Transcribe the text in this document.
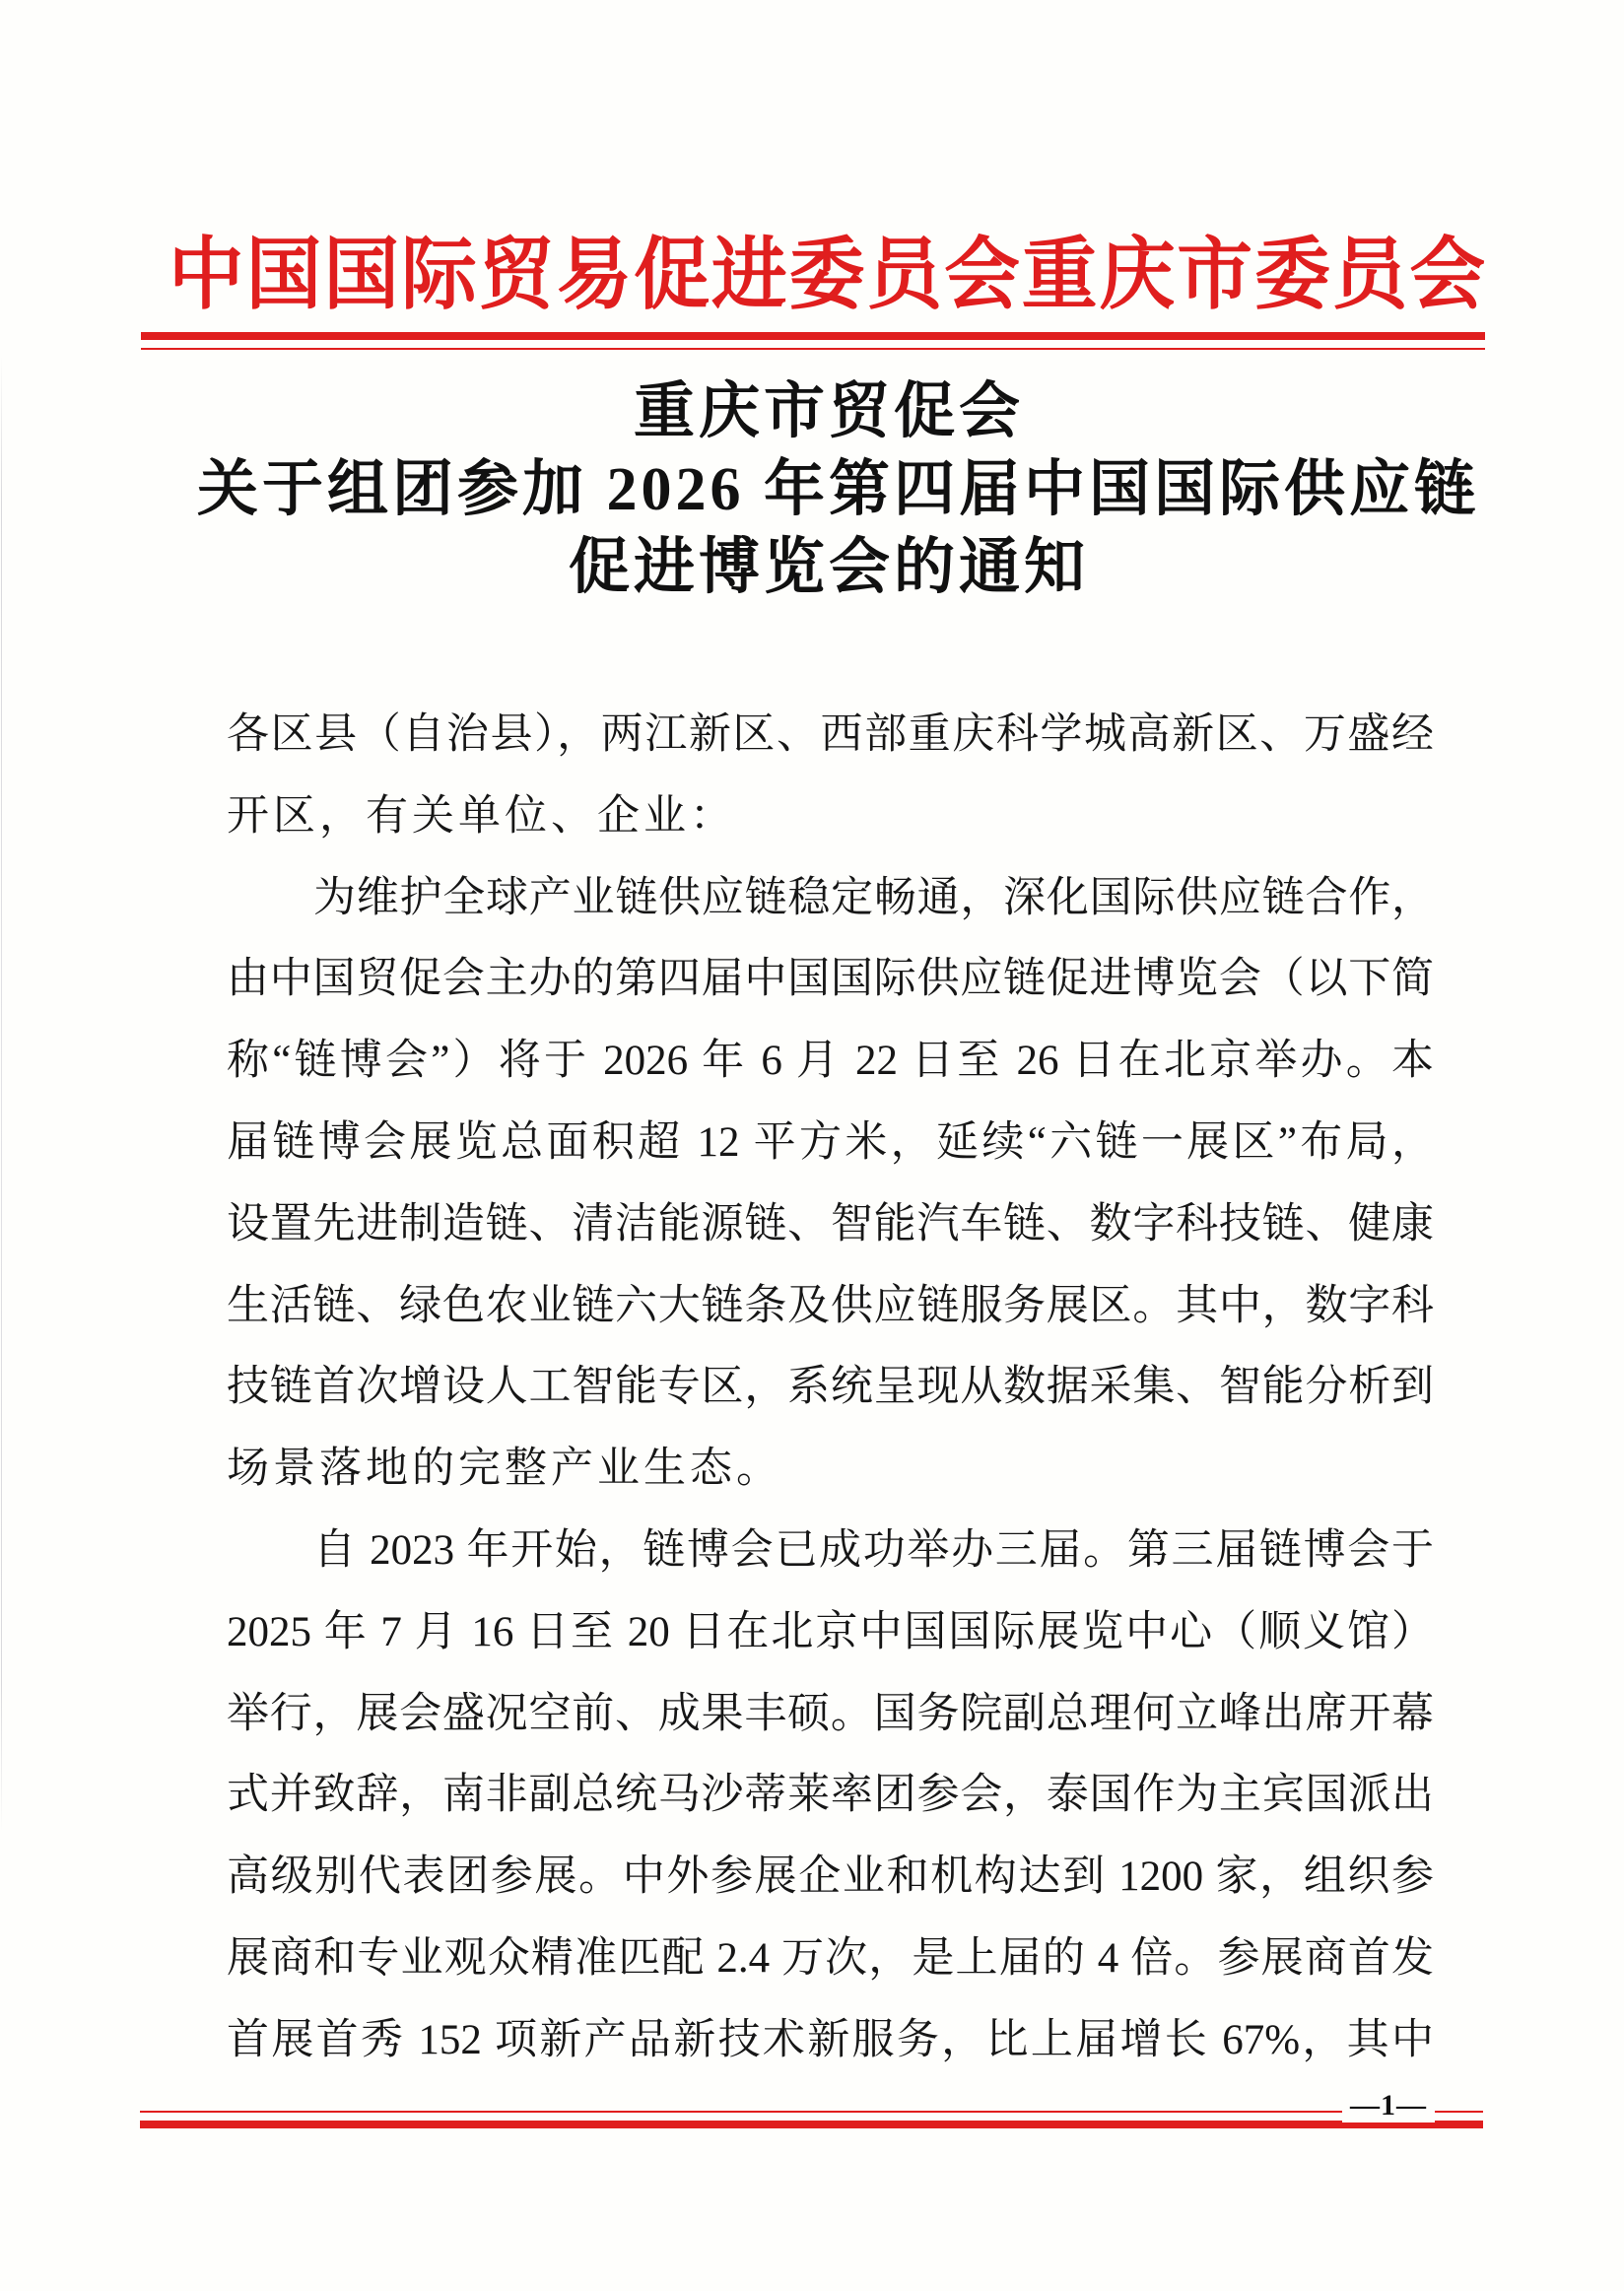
中国国际贸易促进委员会重庆市委员会
重庆市贸促会
关于组团参加 2026 年第四届中国国际供应链
促进博览会的通知
各区县（自治县），两江新区、西部重庆科学城高新区、万盛经
开区，有关单位、企业：
为维护全球产业链供应链稳定畅通，深化国际供应链合作，
由中国贸促会主办的第四届中国国际供应链促进博览会（以下简
称“链博会”）将于 2026 年 6 月 22 日至 26 日在北京举办。本
届链博会展览总面积超 12 平方米，延续“六链一展区”布局，
设置先进制造链、清洁能源链、智能汽车链、数字科技链、健康
生活链、绿色农业链六大链条及供应链服务展区。其中，数字科
技链首次增设人工智能专区，系统呈现从数据采集、智能分析到
场景落地的完整产业生态。
自 2023 年开始，链博会已成功举办三届。第三届链博会于
2025 年 7 月 16 日至 20 日在北京中国国际展览中心（顺义馆）
举行，展会盛况空前、成果丰硕。国务院副总理何立峰出席开幕
式并致辞，南非副总统马沙蒂莱率团参会，泰国作为主宾国派出
高级别代表团参展。中外参展企业和机构达到 1200 家，组织参
展商和专业观众精准匹配 2.4 万次，是上届的 4 倍。参展商首发
首展首秀 152 项新产品新技术新服务，比上届增长 67%，其中
—1—
